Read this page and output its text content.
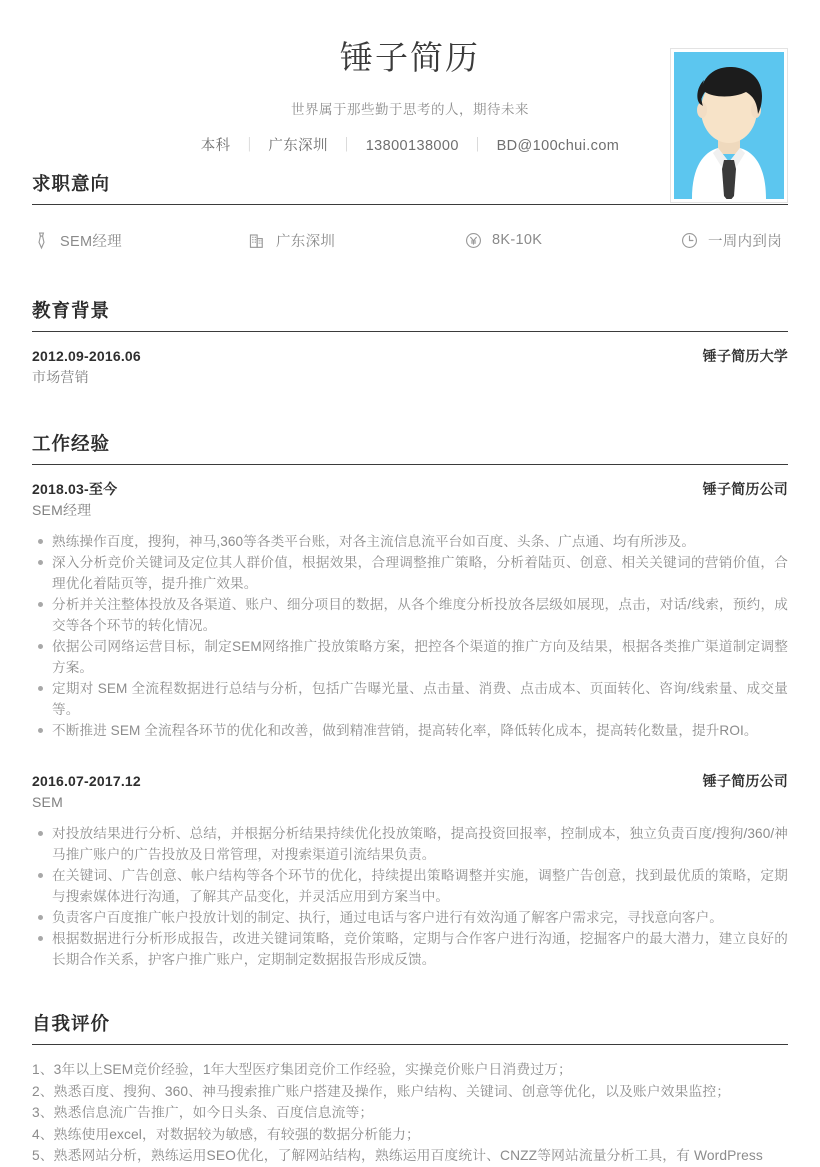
锤子简历
世界属于那些勤于思考的人，期待未来
本科 ｜ 广东深圳 ｜ 13800138000 ｜ BD@100chui.com
求职意向
SEM经理	广东深圳	8K-10K	一周内到岗
教育背景
2012.09-2016.06	锤子简历大学
市场营销
工作经验
2018.03-至今	锤子简历公司
SEM经理
熟练操作百度，搜狗，神马,360等各类平台账，对各主流信息流平台如百度、头条、广点通、均有所涉及。
深入分析竞价关键词及定位其人群价值，根据效果，合理调整推广策略，分析着陆页、创意、相关关键词的营销价值，合理优化着陆页等，提升推广效果。
分析并关注整体投放及各渠道、账户、细分项目的数据，从各个维度分析投放各层级如展现，点击，对话/线索，预约，成交等各个环节的转化情况。
依据公司网络运营目标，制定SEM网络推广投放策略方案，把控各个渠道的推广方向及结果，根据各类推广渠道制定调整方案。
定期对 SEM 全流程数据进行总结与分析，包括广告曝光量、点击量、消费、点击成本、页面转化、咨询/线索量、成交量等。
不断推进 SEM 全流程各环节的优化和改善，做到精准营销，提高转化率，降低转化成本，提高转化数量，提升ROI。
2016.07-2017.12	锤子简历公司
SEM
对投放结果进行分析、总结，并根据分析结果持续优化投放策略，提高投资回报率，控制成本，独立负责百度/搜狗/360/神马推广账户的广告投放及日常管理，对搜索渠道引流结果负责。
在关键词、广告创意、帐户结构等各个环节的优化，持续提出策略调整并实施，调整广告创意，找到最优质的策略，定期与搜索媒体进行沟通，了解其产品变化，并灵活应用到方案当中。
负责客户百度推广帐户投放计划的制定、执行，通过电话与客户进行有效沟通了解客户需求完，寻找意向客户。
根据数据进行分析形成报告，改进关键词策略，竞价策略，定期与合作客户进行沟通，挖掘客户的最大潜力，建立良好的长期合作关系，护客户推广账户，定期制定数据报告形成反馈。
自我评价
1、3年以上SEM竞价经验，1年大型医疗集团竞价工作经验，实操竞价账户日消费过万；
2、熟悉百度、搜狗、360、神马搜索推广账户搭建及操作，账户结构、关键词、创意等优化，以及账户效果监控；
3、熟悉信息流广告推广，如今日头条、百度信息流等；
4、熟练使用excel，对数据较为敏感，有较强的数据分析能力；
5、熟悉网站分析，熟练运用SEO优化，了解网站结构，熟练运用百度统计、CNZZ等网站流量分析工具，有 WordPress
